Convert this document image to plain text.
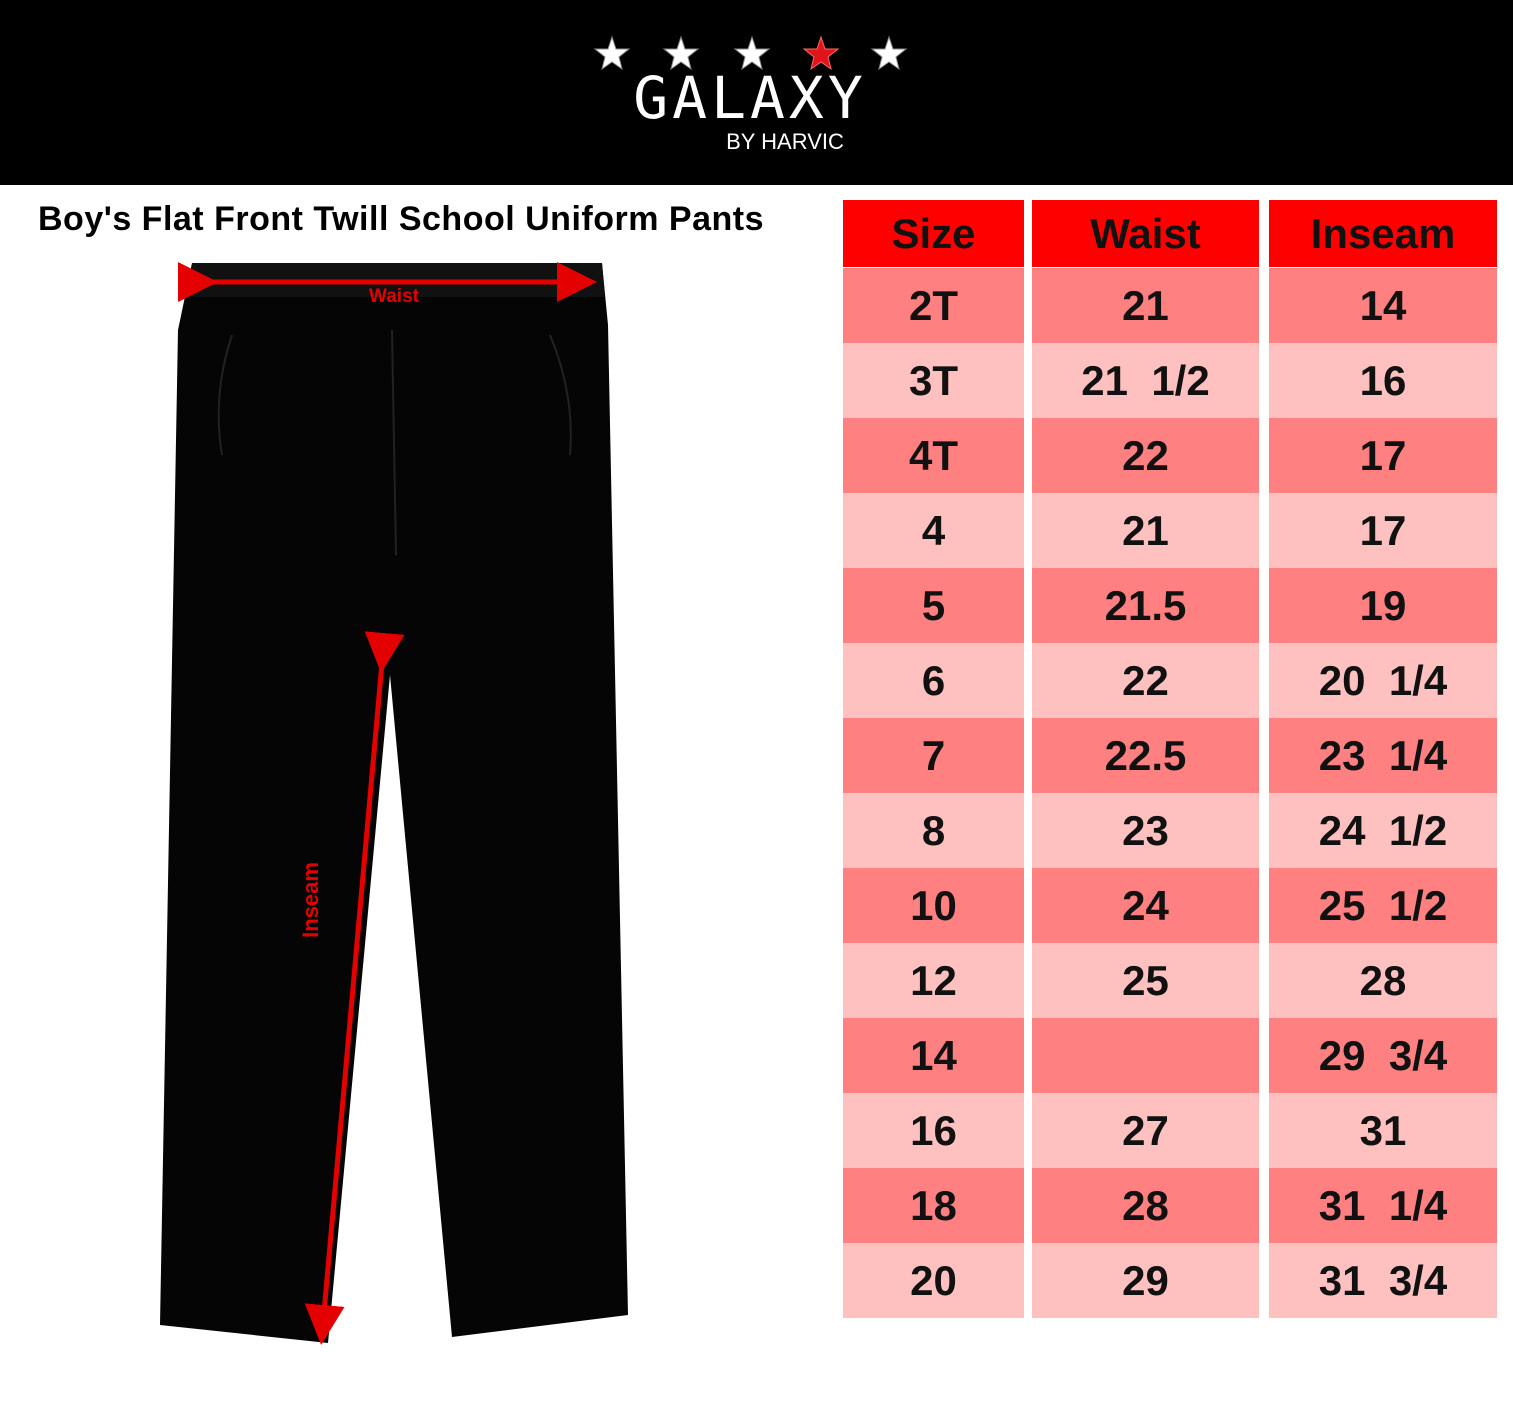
GALAXY
BY HARVIC
Boy's Flat Front Twill School Uniform Pants
Waist
Inseam
Size
2T
3T
4T
4
5
6
7
8
10
12
14
16
18
20
Waist
21
21  1/2
22
21
21.5
22
22.5
23
24
25
27
28
29
Inseam
14
16
17
17
19
20  1/4
23  1/4
24  1/2
25  1/2
28
29  3/4
31
31  1/4
31  3/4
